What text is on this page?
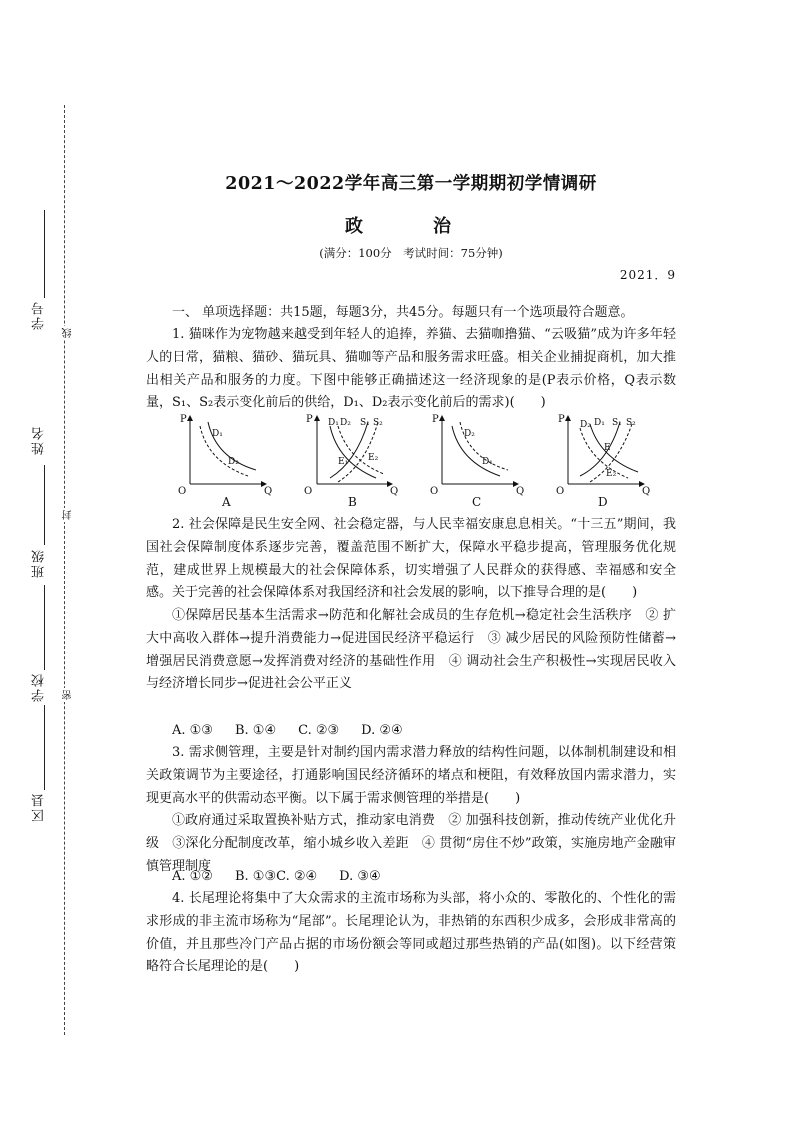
学号
姓名
班级
学校
区县
线
封
密
2021～2022学年高三第一学期期初学情调研
政　治
(满分：100分　考试时间：75分钟)
2021．9
一、 单项选择题：共15题，每题3分，共45分。每题只有一个选项最符合题意。
1. 猫咪作为宠物越来越受到年轻人的追捧，养猫、去猫咖撸猫、“云吸猫”成为许多年轻人的日常，猫粮、猫砂、猫玩具、猫咖等产品和服务需求旺盛。相关企业捕捉商机，加大推出相关产品和服务的力度。下图中能够正确描述这一经济现象的是(P表示价格，Q表示数量，S₁、S₂表示变化前后的供给，D₁、D₂表示变化前后的需求)(　　)
P
Q
O
D₁
D₂
A
P
Q
O
D₁ D₂ S₁ S₂
E₁ E₂
B
P
Q
O
D₂
D₁
C
P
Q
O
D₂ D₁ S₁ S₂
E
E₂
D
2. 社会保障是民生安全网、社会稳定器，与人民幸福安康息息相关。“十三五”期间，我国社会保障制度体系逐步完善，覆盖范围不断扩大，保障水平稳步提高，管理服务优化规范，建成世界上规模最大的社会保障体系，切实增强了人民群众的获得感、幸福感和安全感。关于完善的社会保障体系对我国经济和社会发展的影响，以下推导合理的是(　　)
①保障居民基本生活需求→防范和化解社会成员的生存危机→稳定社会生活秩序　② 扩大中高收入群体→提升消费能力→促进国民经济平稳运行　③ 减少居民的风险预防性储蓄→增强居民消费意愿→发挥消费对经济的基础性作用　④ 调动社会生产积极性→实现居民收入与经济增长同步→促进社会公平正义
A. ①③ B. ①④ C. ②③ D. ②④
3. 需求侧管理，主要是针对制约国内需求潜力释放的结构性问题，以体制机制建设和相关政策调节为主要途径，打通影响国民经济循环的堵点和梗阻，有效释放国内需求潜力，实现更高水平的供需动态平衡。以下属于需求侧管理的举措是(　　)
①政府通过采取置换补贴方式，推动家电消费　② 加强科技创新，推动传统产业优化升级　③深化分配制度改革，缩小城乡收入差距　④ 贯彻“房住不炒”政策，实施房地产金融审慎管理制度
A. ①② B. ①③C. ②④ D. ③④
4. 长尾理论将集中了大众需求的主流市场称为头部，将小众的、零散化的、个性化的需求形成的非主流市场称为“尾部”。长尾理论认为，非热销的东西积少成多，会形成非常高的价值，并且那些冷门产品占据的市场份额会等同或超过那些热销的产品(如图)。以下经营策略符合长尾理论的是(　　)
